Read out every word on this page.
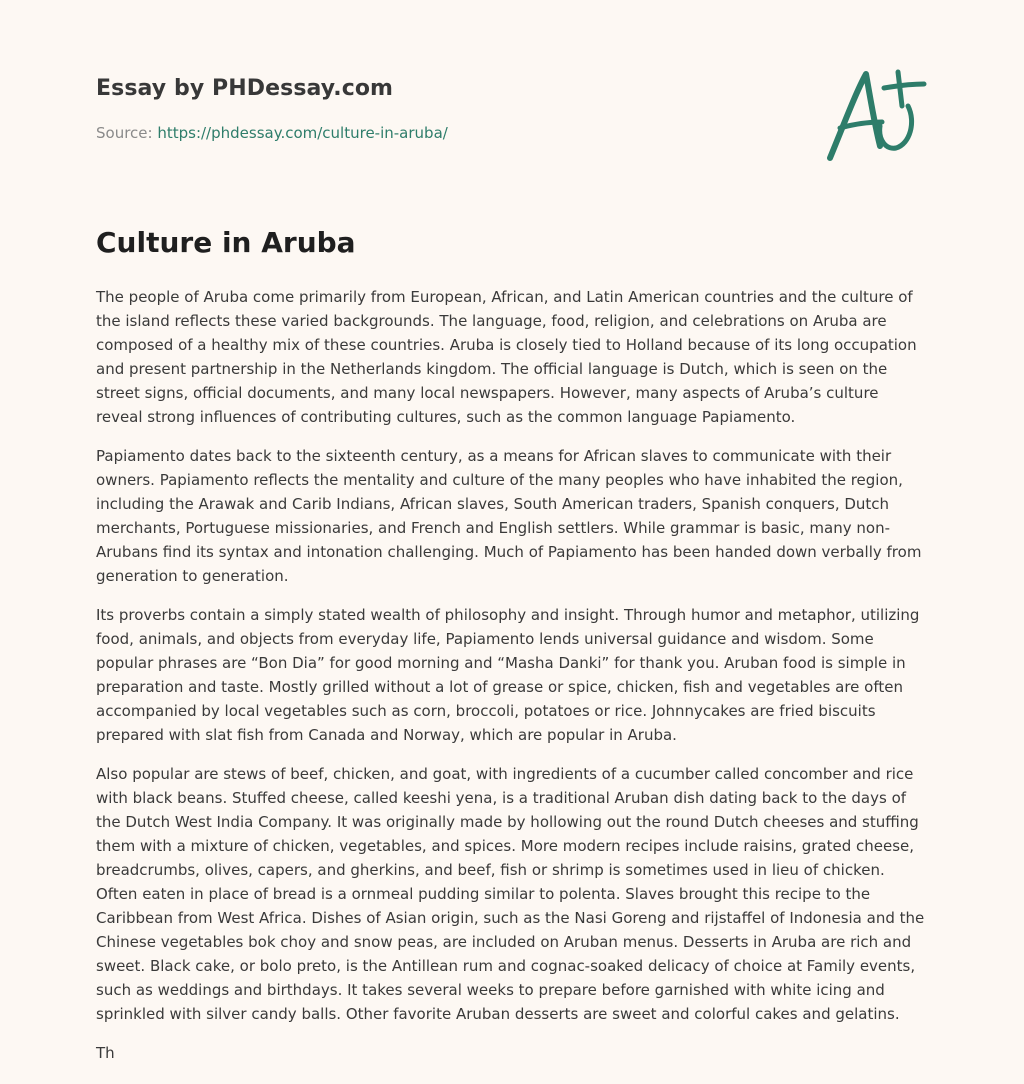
Essay by PHDessay.com
Source: https://phdessay.com/culture-in-aruba/
Culture in Aruba

The people of Aruba come primarily from European, African, and Latin American countries and the culture of the island reflects these varied backgrounds. The language, food, religion, and celebrations on Aruba are composed of a healthy mix of these countries. Aruba is closely tied to Holland because of its long occupation and present partnership in the Netherlands kingdom. The official language is Dutch, which is seen on the street signs, official documents, and many local newspapers. However, many aspects of Aruba’s culture reveal strong influences of contributing cultures, such as the common language Papiamento.

Papiamento dates back to the sixteenth century, as a means for African slaves to communicate with their owners. Papiamento reflects the mentality and culture of the many peoples who have inhabited the region, including the Arawak and Carib Indians, African slaves, South American traders, Spanish conquers, Dutch merchants, Portuguese missionaries, and French and English settlers. While grammar is basic, many non-Arubans find its syntax and intonation challenging. Much of Papiamento has been handed down verbally from generation to generation.

Its proverbs contain a simply stated wealth of philosophy and insight. Through humor and metaphor, utilizing food, animals, and objects from everyday life, Papiamento lends universal guidance and wisdom. Some popular phrases are “Bon Dia” for good morning and “Masha Danki” for thank you. Aruban food is simple in preparation and taste. Mostly grilled without a lot of grease or spice, chicken, fish and vegetables are often accompanied by local vegetables such as corn, broccoli, potatoes or rice. Johnnycakes are fried biscuits prepared with slat fish from Canada and Norway, which are popular in Aruba.

Also popular are stews of beef, chicken, and goat, with ingredients of a cucumber called concomber and rice with black beans. Stuffed cheese, called keeshi yena, is a traditional Aruban dish dating back to the days of the Dutch West India Company. It was originally made by hollowing out the round Dutch cheeses and stuffing them with a mixture of chicken, vegetables, and spices. More modern recipes include raisins, grated cheese, breadcrumbs, olives, capers, and gherkins, and beef, fish or shrimp is sometimes used in lieu of chicken. Often eaten in place of bread is a ornmeal pudding similar to polenta. Slaves brought this recipe to the Caribbean from West Africa. Dishes of Asian origin, such as the Nasi Goreng and rijstaffel of Indonesia and the Chinese vegetables bok choy and snow peas, are included on Aruban menus. Desserts in Aruba are rich and sweet. Black cake, or bolo preto, is the Antillean rum and cognac-soaked delicacy of choice at Family events, such as weddings and birthdays. It takes several weeks to prepare before garnished with white icing and sprinkled with silver candy balls. Other favorite Aruban desserts are sweet and colorful cakes and gelatins.

Th
